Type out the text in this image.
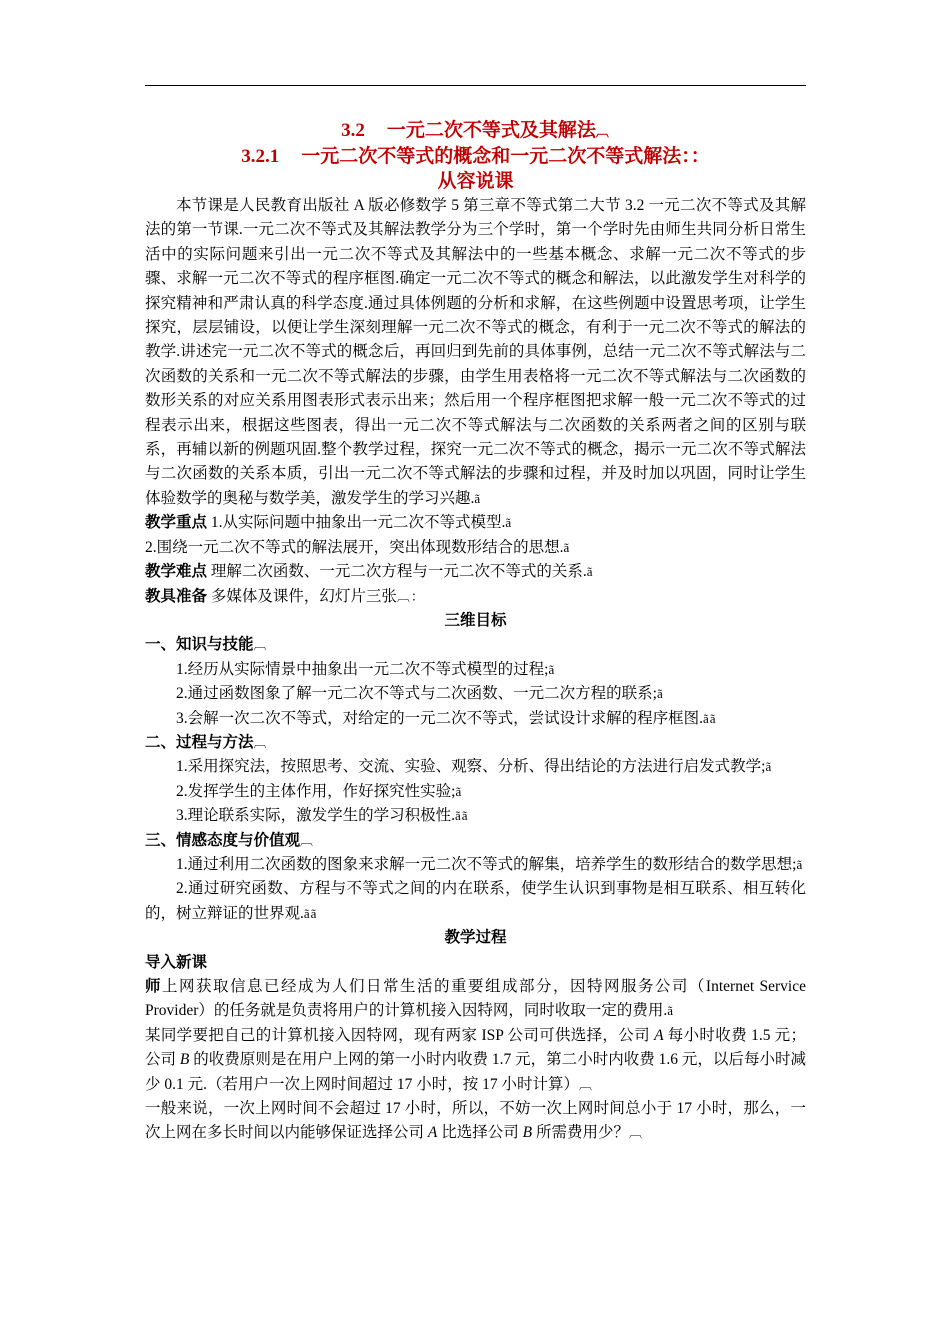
3.2 一元二次不等式及其解法︹
3.2.1 一元二次不等式的概念和一元二次不等式解法：：
从容说课

本节课是人民教育出版社 A 版必修数学 5 第三章不等式第二大节 3.2 一元二次不等式及其解法的第一节课.一元二次不等式及其解法教学分为三个学时，第一个学时先由师生共同分析日常生活中的实际问题来引出一元二次不等式及其解法中的一些基本概念、求解一元二次不等式的步骤、求解一元二次不等式的程序框图.确定一元二次不等式的概念和解法，以此激发学生对科学的探究精神和严肃认真的科学态度.通过具体例题的分析和求解，在这些例题中设置思考项，让学生探究，层层铺设，以便让学生深刻理解一元二次不等式的概念，有利于一元二次不等式的解法的教学.讲述完一元二次不等式的概念后，再回归到先前的具体事例，总结一元二次不等式解法与二次函数的关系和一元二次不等式解法的步骤，由学生用表格将一元二次不等式解法与二次函数的数形关系的对应关系用图表形式表示出来；然后用一个程序框图把求解一般一元二次不等式的过程表示出来，根据这些图表，得出一元二次不等式解法与二次函数的关系两者之间的区别与联系，再辅以新的例题巩固.整个教学过程，探究一元二次不等式的概念，揭示一元二次不等式解法与二次函数的关系本质，引出一元二次不等式解法的步骤和过程，并及时加以巩固，同时让学生体验数学的奥秘与数学美，激发学生的学习兴趣.ã

教学重点 1.从实际问题中抽象出一元二次不等式模型.ã

2.围绕一元二次不等式的解法展开，突出体现数形结合的思想.ã

教学难点 理解二次函数、一元二次方程与一元二次不等式的关系.ã

教具准备 多媒体及课件，幻灯片三张︹：

三维目标

一、知识与技能︹

1.经历从实际情景中抽象出一元二次不等式模型的过程;ã

2.通过函数图象了解一元二次不等式与二次函数、一元二次方程的联系;ã

3.会解一次二次不等式，对给定的一元二次不等式，尝试设计求解的程序框图.ãã

二、过程与方法︹

1.采用探究法，按照思考、交流、实验、观察、分析、得出结论的方法进行启发式教学;ã

2.发挥学生的主体作用，作好探究性实验;ã

3.理论联系实际，激发学生的学习积极性.ãã

三、情感态度与价值观︹

1.通过利用二次函数的图象来求解一元二次不等式的解集，培养学生的数形结合的数学思想;ã

2.通过研究函数、方程与不等式之间的内在联系，使学生认识到事物是相互联系、相互转化的，树立辩证的世界观.ãã

教学过程

导入新课

师上网获取信息已经成为人们日常生活的重要组成部分，因特网服务公司（Internet Service Provider）的任务就是负责将用户的计算机接入因特网，同时收取一定的费用.ã

某同学要把自己的计算机接入因特网，现有两家 ISP 公司可供选择，公司 A 每小时收费 1.5 元；公司 B 的收费原则是在用户上网的第一小时内收费 1.7 元，第二小时内收费 1.6 元，以后每小时减少 0.1 元.（若用户一次上网时间超过 17 小时，按 17 小时计算）︹

一般来说，一次上网时间不会超过 17 小时，所以，不妨一次上网时间总小于 17 小时，那么，一次上网在多长时间以内能够保证选择公司 A 比选择公司 B 所需费用少？︹
